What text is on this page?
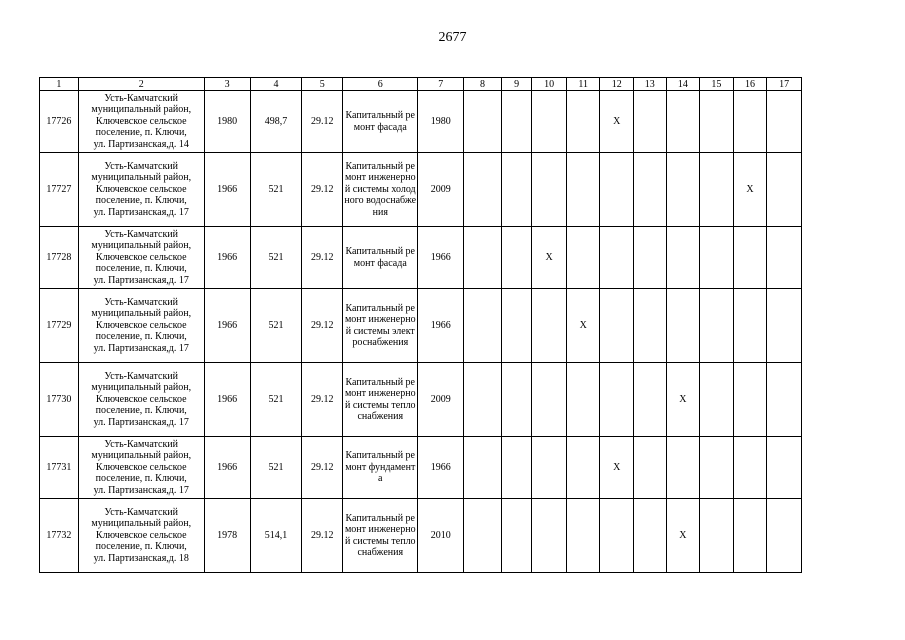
2677
1	2	3	4	5	6	7	8	9	10	11	12	13	14	15	16	17
17726	Усть-Камчатский
муниципальный район,
Ключевское сельское
поселение, п. Ключи,
ул. Партизанская,д. 14	1980	498,7	29.12	Капитальный ремонт фасада	1980					X					
17727	Усть-Камчатский
муниципальный район,
Ключевское сельское
поселение, п. Ключи,
ул. Партизанская,д. 17	1966	521	29.12	Капитальный ремонт инженерной системы холодного водоснабжения	2009									X	
17728	Усть-Камчатский
муниципальный район,
Ключевское сельское
поселение, п. Ключи,
ул. Партизанская,д. 17	1966	521	29.12	Капитальный ремонт фасада	1966			X							
17729	Усть-Камчатский
муниципальный район,
Ключевское сельское
поселение, п. Ключи,
ул. Партизанская,д. 17	1966	521	29.12	Капитальный ремонт инженерной системы электроснабжения	1966				X						
17730	Усть-Камчатский
муниципальный район,
Ключевское сельское
поселение, п. Ключи,
ул. Партизанская,д. 17	1966	521	29.12	Капитальный ремонт инженерной системы теплоснабжения	2009							X			
17731	Усть-Камчатский
муниципальный район,
Ключевское сельское
поселение, п. Ключи,
ул. Партизанская,д. 17	1966	521	29.12	Капитальный ремонт фундамента	1966					X					
17732	Усть-Камчатский
муниципальный район,
Ключевское сельское
поселение, п. Ключи,
ул. Партизанская,д. 18	1978	514,1	29.12	Капитальный ремонт инженерной системы теплоснабжения	2010							X			
